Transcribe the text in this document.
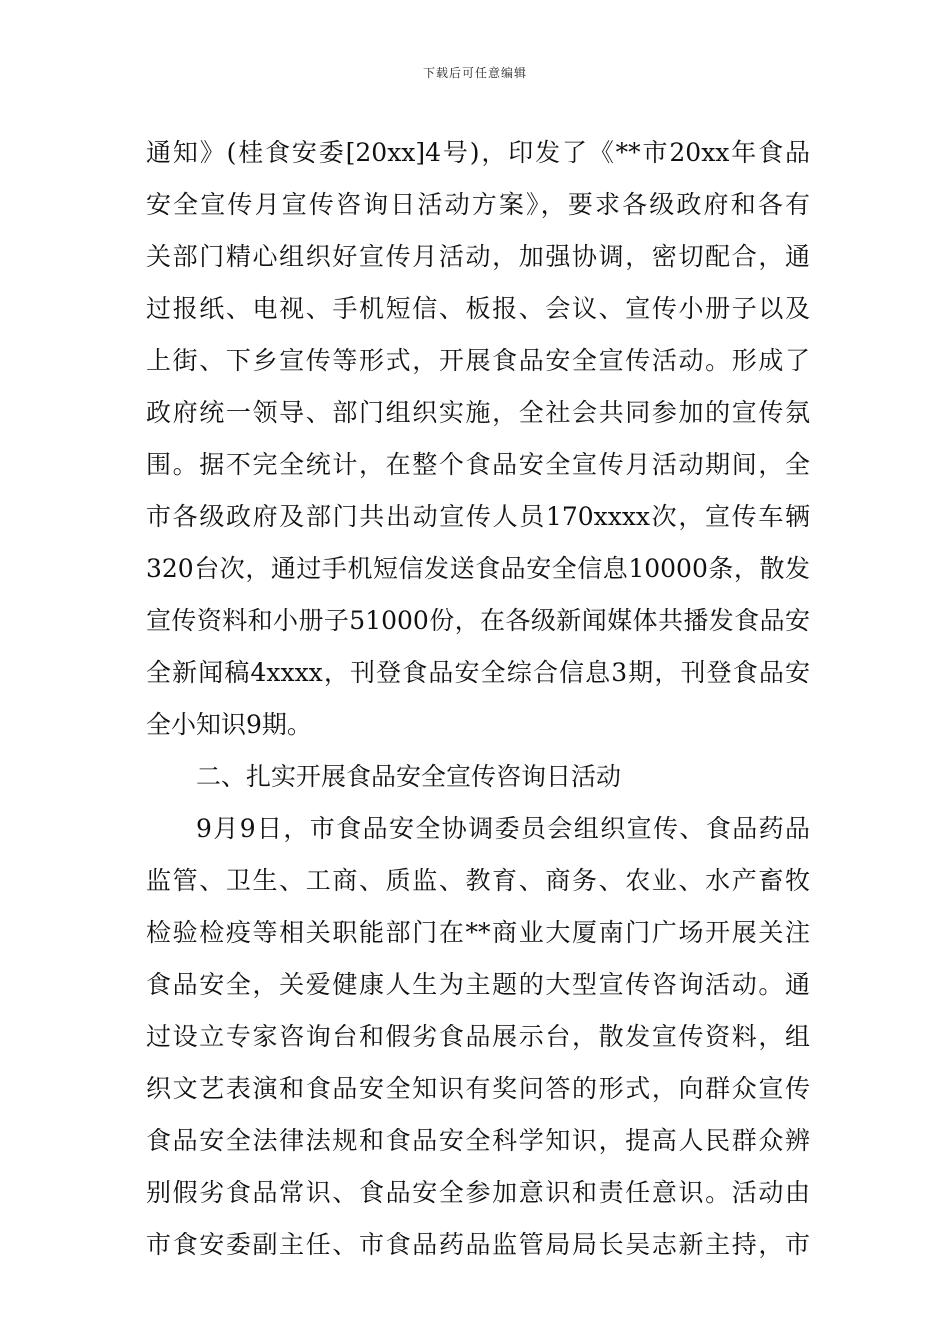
下载后可任意编辑
通知》(桂食安委[20xx]4号)，印发了《**市20xx年食品
安全宣传月宣传咨询日活动方案》，要求各级政府和各有
关部门精心组织好宣传月活动，加强协调，密切配合，通
过报纸、电视、手机短信、板报、会议、宣传小册子以及
上街、下乡宣传等形式，开展食品安全宣传活动。形成了
政府统一领导、部门组织实施，全社会共同参加的宣传氛
围。据不完全统计，在整个食品安全宣传月活动期间，全
市各级政府及部门共出动宣传人员170xxxx次，宣传车辆
320台次，通过手机短信发送食品安全信息10000条，散发
宣传资料和小册子51000份，在各级新闻媒体共播发食品安
全新闻稿4xxxx，刊登食品安全综合信息3期，刊登食品安
全小知识9期。
二、扎实开展食品安全宣传咨询日活动
9月9日，市食品安全协调委员会组织宣传、食品药品
监管、卫生、工商、质监、教育、商务、农业、水产畜牧
检验检疫等相关职能部门在**商业大厦南门广场开展关注
食品安全，关爱健康人生为主题的大型宣传咨询活动。通
过设立专家咨询台和假劣食品展示台，散发宣传资料，组
织文艺表演和食品安全知识有奖问答的形式，向群众宣传
食品安全法律法规和食品安全科学知识，提高人民群众辨
别假劣食品常识、食品安全参加意识和责任意识。活动由
市食安委副主任、市食品药品监管局局长吴志新主持，市
